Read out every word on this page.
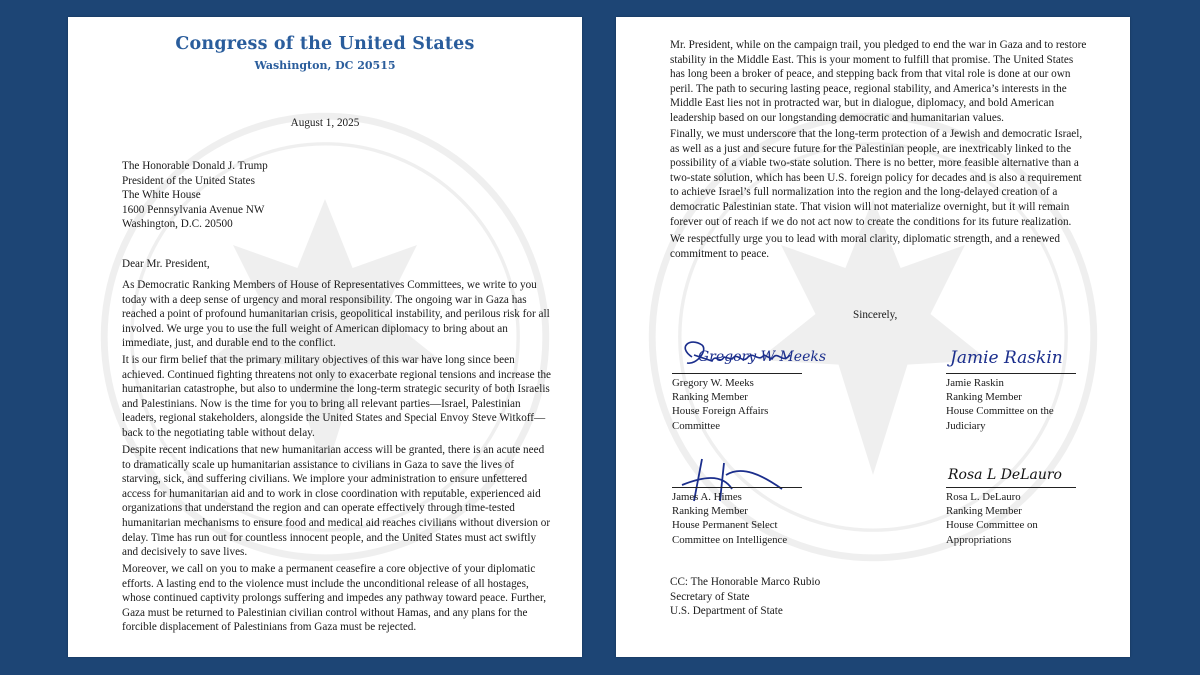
Congress of the United States

Washington, DC 20515

August 1, 2025

The Honorable Donald J. Trump
President of the United States
The White House
1600 Pennsylvania Avenue NW
Washington, D.C. 20500

Dear Mr. President,

As Democratic Ranking Members of House of Representatives Committees, we write to you today with a deep sense of urgency and moral responsibility. The ongoing war in Gaza has reached a point of profound humanitarian crisis, geopolitical instability, and perilous risk for all involved. We urge you to use the full weight of American diplomacy to bring about an immediate, just, and durable end to the conflict.

It is our firm belief that the primary military objectives of this war have long since been achieved. Continued fighting threatens not only to exacerbate regional tensions and increase the humanitarian catastrophe, but also to undermine the long-term strategic security of both Israelis and Palestinians. Now is the time for you to bring all relevant parties—Israel, Palestinian leaders, regional stakeholders, alongside the United States and Special Envoy Steve Witkoff—back to the negotiating table without delay.

Despite recent indications that new humanitarian access will be granted, there is an acute need to dramatically scale up humanitarian assistance to civilians in Gaza to save the lives of starving, sick, and suffering civilians. We implore your administration to ensure unfettered access for humanitarian aid and to work in close coordination with reputable, experienced aid organizations that understand the region and can operate effectively through time-tested humanitarian mechanisms to ensure food and medical aid reaches civilians without diversion or delay. Time has run out for countless innocent people, and the United States must act swiftly and decisively to save lives.

Moreover, we call on you to make a permanent ceasefire a core objective of your diplomatic efforts. A lasting end to the violence must include the unconditional release of all hostages, whose continued captivity prolongs suffering and impedes any pathway toward peace. Further, Gaza must be returned to Palestinian civilian control without Hamas, and any plans for the forcible displacement of Palestinians from Gaza must be rejected.

Mr. President, while on the campaign trail, you pledged to end the war in Gaza and to restore stability in the Middle East. This is your moment to fulfill that promise. The United States has long been a broker of peace, and stepping back from that vital role is done at our own peril. The path to securing lasting peace, regional stability, and America’s interests in the Middle East lies not in protracted war, but in dialogue, diplomacy, and bold American leadership based on our longstanding democratic and humanitarian values.

Finally, we must underscore that the long-term protection of a Jewish and democratic Israel, as well as a just and secure future for the Palestinian people, are inextricably linked to the possibility of a viable two-state solution. There is no better, more feasible alternative than a two-state solution, which has been U.S. foreign policy for decades and is also a requirement to achieve Israel’s full normalization into the region and the long-delayed creation of a democratic Palestinian state. That vision will not materialize overnight, but it will remain forever out of reach if we do not act now to create the conditions for its future realization.

We respectfully urge you to lead with moral clarity, diplomatic strength, and a renewed commitment to peace.

Sincerely,

Gregory W Meeks	Jamie Raskin
Rosa L DeLauro

Gregory W. Meeks
Ranking Member
House Foreign Affairs
Committee

Jamie Raskin
Ranking Member
House Committee on the
Judiciary

James A. Himes
Ranking Member
House Permanent Select
Committee on Intelligence

Rosa L. DeLauro
Ranking Member
House Committee on
Appropriations

CC: The Honorable Marco Rubio
Secretary of State
U.S. Department of State
